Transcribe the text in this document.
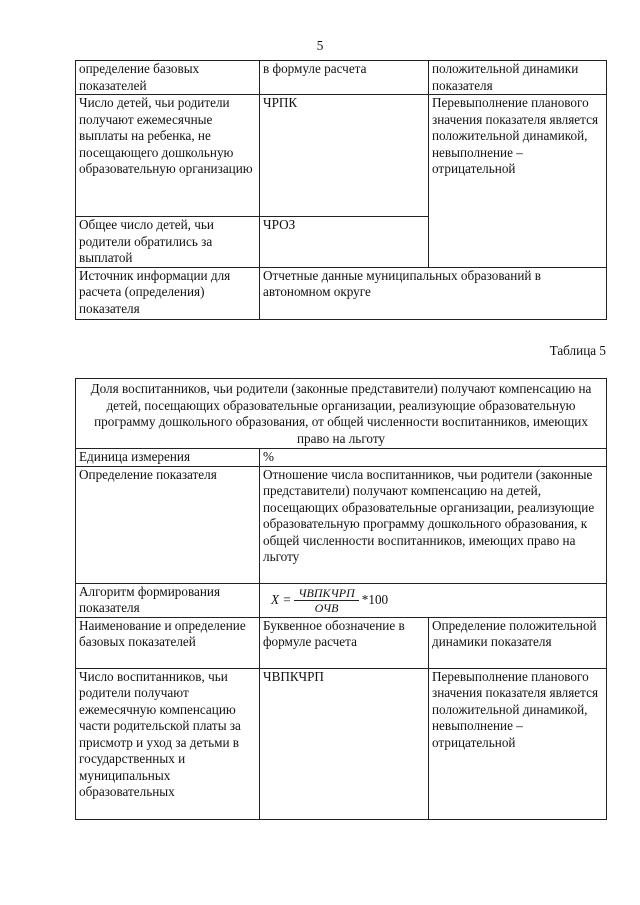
5
определение базовых показателей	в формуле расчета	положительной динамики показателя
Число детей, чьи родители получают ежемесячные выплаты на ребенка, не посещающего дошкольную образовательную организацию	ЧРПК	Перевыполнение планового значения показателя является положительной динамикой, невыполнение – отрицательной
Общее число детей, чьи родители обратились за выплатой	ЧРОЗ	
Источник информации для расчета (определения) показателя	Отчетные данные муниципальных образований в автономном округе	
Таблица 5
Доля воспитанников, чьи родители (законные представители) получают компенсацию на детей, посещающих образовательные организации, реализующие образовательную программу дошкольного образования, от общей численности воспитанников, имеющих право на льготу		
Единица измерения	%	
Определение показателя	Отношение числа воспитанников, чьи родители (законные представители) получают компенсацию на детей, посещающих образовательные организации, реализующие образовательную программу дошкольного образования, к общей численности воспитанников, имеющих право на льготу	
Алгоритм формирования показателя	$X = \frac{\text{ЧВПКЧРП}}{\text{ОЧВ}} *100$	

Наименование и определение базовых показателей	Буквенное обозначение в формуле расчета	Определение положительной динамики показателя
Число воспитанников, чьи родители получают ежемесячную компенсацию части родительской платы за присмотр и уход за детьми в государственных и муниципальных образовательных	ЧВПКЧРП	Перевыполнение планового значения показателя является положительной динамикой, невыполнение – отрицательной
